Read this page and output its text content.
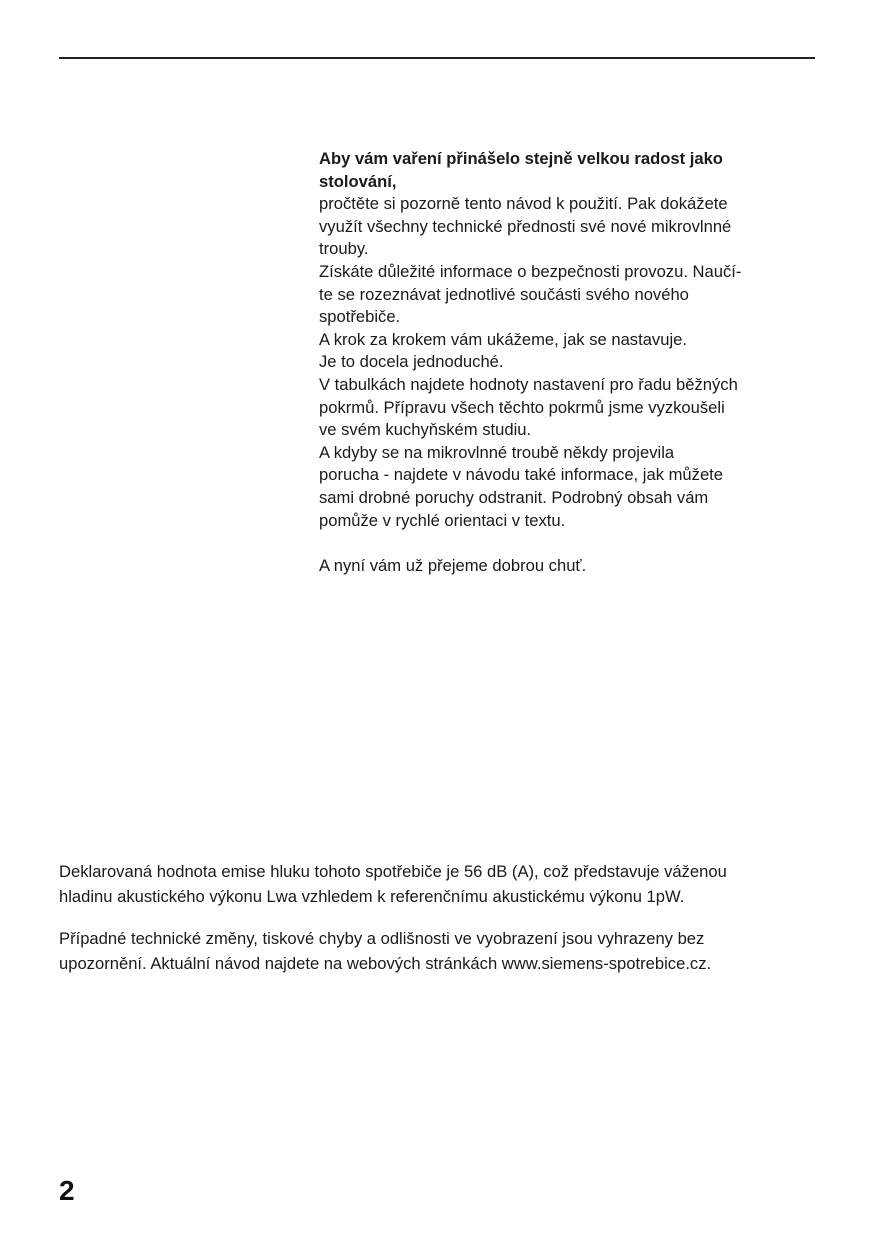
Aby vám vaření přinášelo stejně velkou radost jako
stolování,
pročtěte si pozorně tento návod k použití. Pak dokážete
využít všechny technické přednosti své nové mikrovlnné
trouby.
Získáte důležité informace o bezpečnosti provozu. Naučí-
te se rozeznávat jednotlivé součásti svého nového
spotřebiče.
A krok za krokem vám ukážeme, jak se nastavuje.
Je to docela jednoduché.
V tabulkách najdete hodnoty nastavení pro řadu běžných
pokrmů. Přípravu všech těchto pokrmů jsme vyzkoušeli
ve svém kuchyňském studiu.
A kdyby se na mikrovlnné troubě někdy projevila
porucha - najdete v návodu také informace, jak můžete
sami drobné poruchy odstranit. Podrobný obsah vám
pomůže v rychlé orientaci v textu.
A nyní vám už přejeme dobrou chuť.
Deklarovaná hodnota emise hluku tohoto spotřebiče je 56 dB (A), což představuje váženou
hladinu akustického výkonu Lwa vzhledem k referenčnímu akustickému výkonu 1pW.
Případné technické změny, tiskové chyby a odlišnosti ve vyobrazení jsou vyhrazeny bez
upozornění. Aktuální návod najdete na webových stránkách www.siemens-spotrebice.cz.
2
